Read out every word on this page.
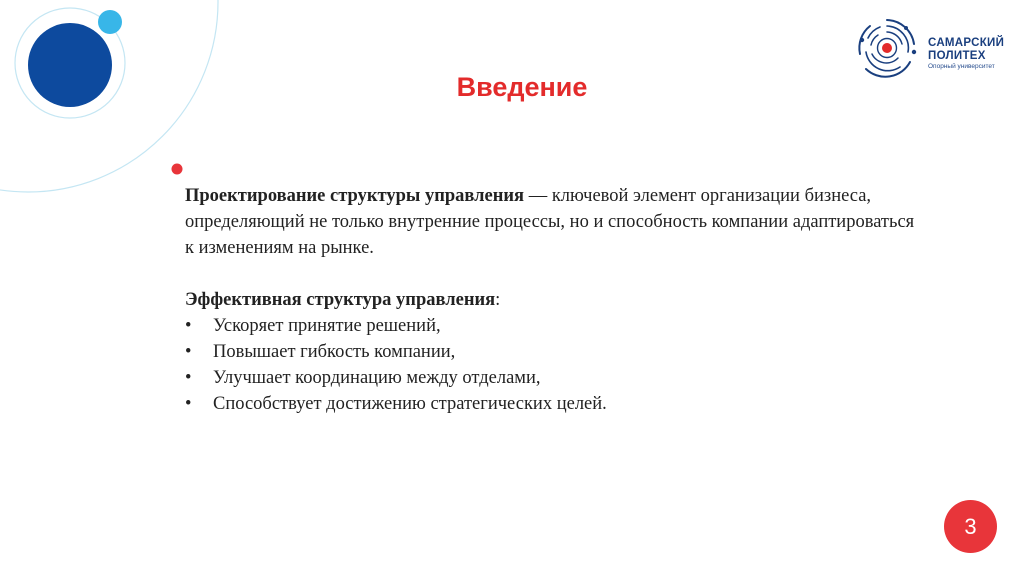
САМАРСКИЙ
ПОЛИТЕХ
Опорный университет
Введение

Проектирование структуры управления — ключевой элемент организации бизнеса, определяющий не только внутренние процессы, но и способность компании адаптироваться к изменениям на рынке.

Эффективная структура управления:

• Ускоряет принятие решений,
• Повышает гибкость компании,
• Улучшает координацию между отделами,
• Способствует достижению стратегических целей.
3
